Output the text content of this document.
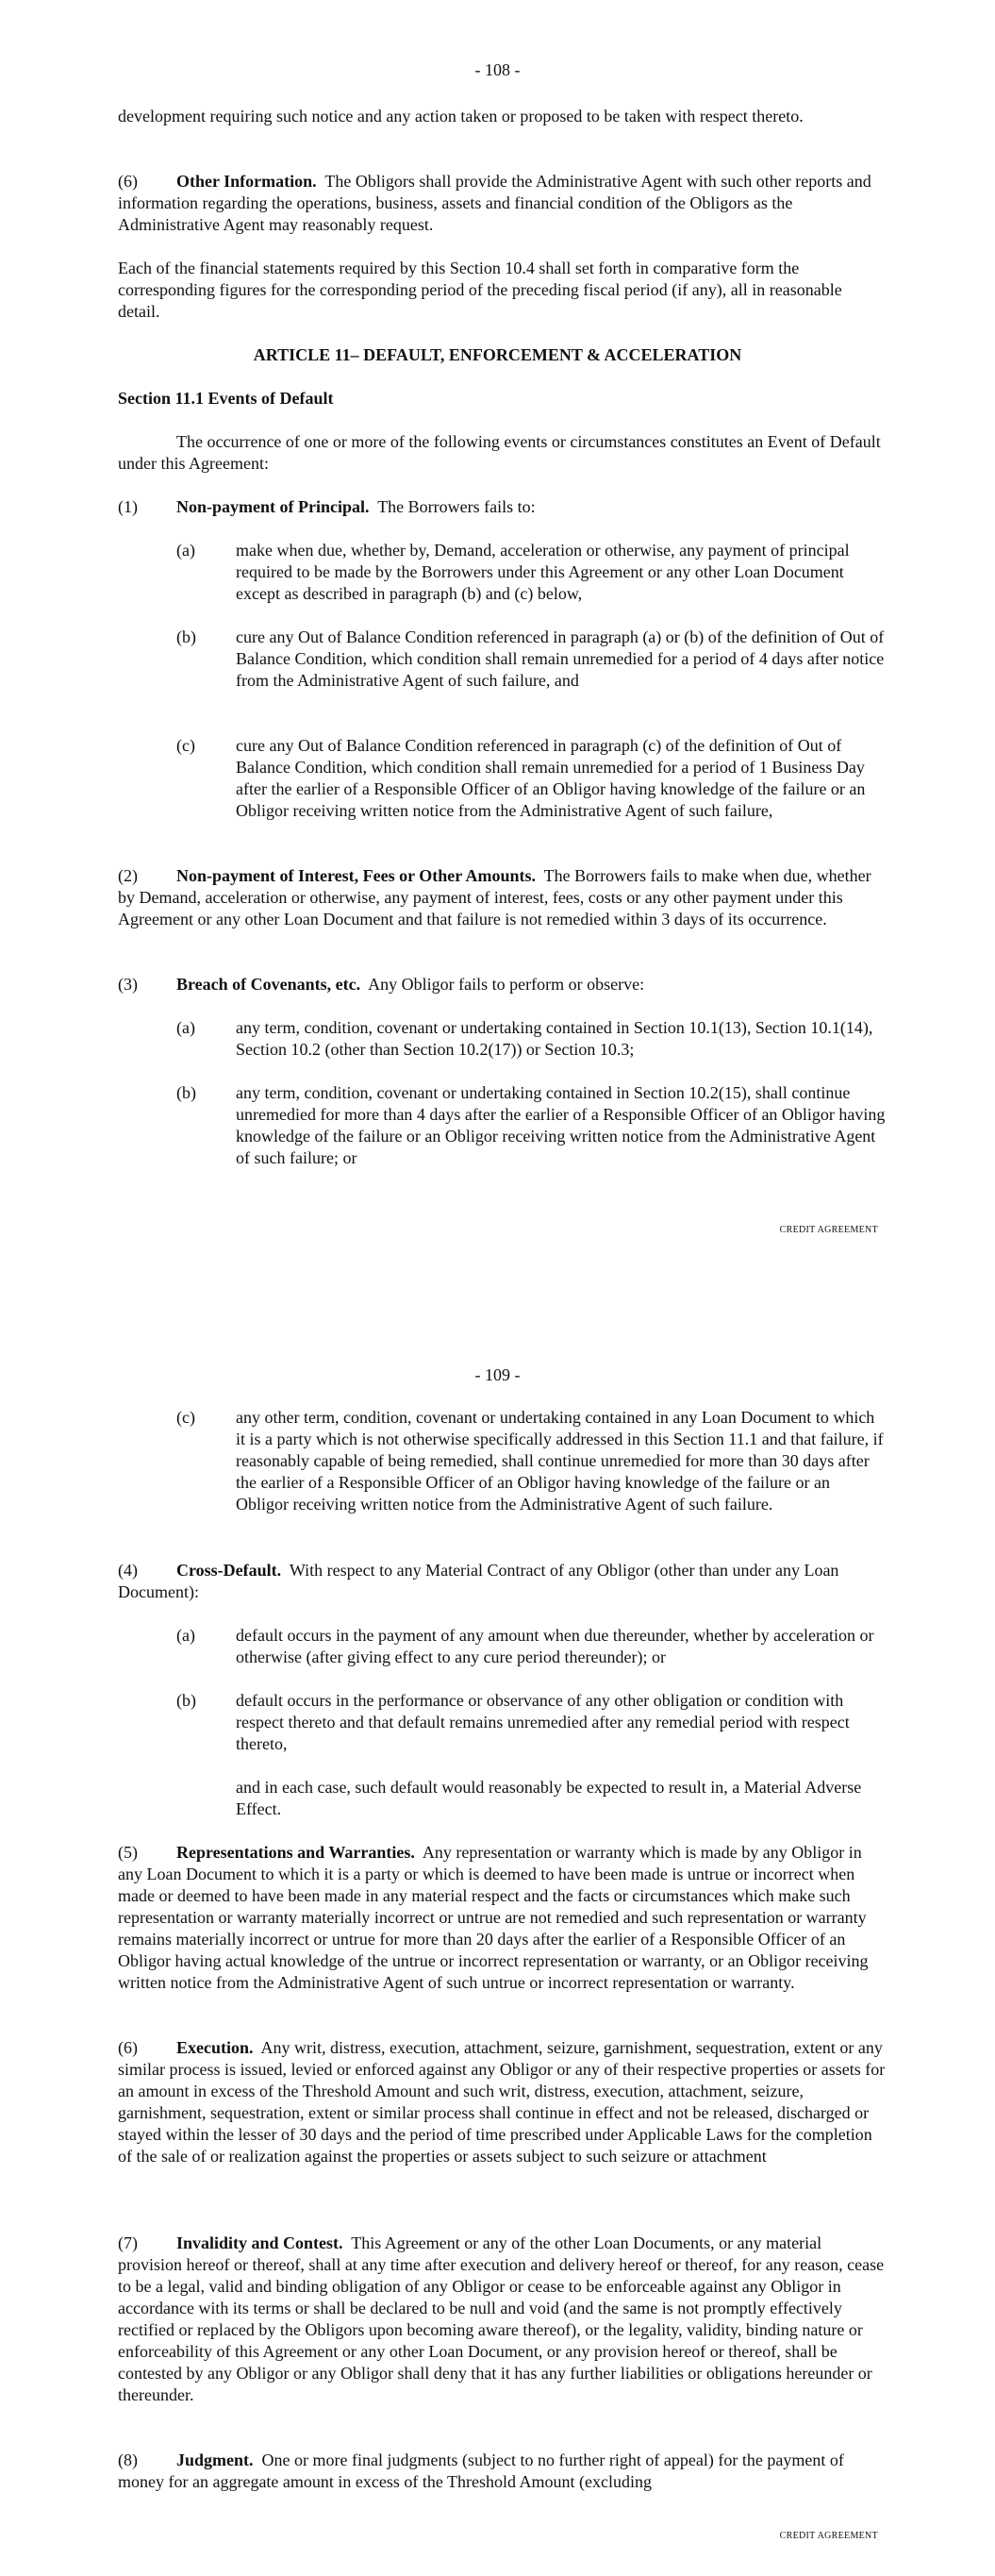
- 108 -

development requiring such notice and any action taken or proposed to be taken with respect thereto.

(6) Other Information. The Obligors shall provide the Administrative Agent with such other reports and information regarding the operations, business, assets and financial condition of the Obligors as the Administrative Agent may reasonably request.

Each of the financial statements required by this Section 10.4 shall set forth in comparative form the corresponding figures for the corresponding period of the preceding fiscal period (if any), all in reasonable detail.

ARTICLE 11– DEFAULT, ENFORCEMENT & ACCELERATION
Section 11.1 Events of Default

The occurrence of one or more of the following events or circumstances constitutes an Event of Default under this Agreement:

(1) Non-payment of Principal. The Borrowers fails to:

(a) make when due, whether by, Demand, acceleration or otherwise, any payment of principal required to be made by the Borrowers under this Agreement or any other Loan Document except as described in paragraph (b) and (c) below,

(b) cure any Out of Balance Condition referenced in paragraph (a) or (b) of the definition of Out of Balance Condition, which condition shall remain unremedied for a period of 4 days after notice from the Administrative Agent of such failure, and

(c) cure any Out of Balance Condition referenced in paragraph (c) of the definition of Out of Balance Condition, which condition shall remain unremedied for a period of 1 Business Day after the earlier of a Responsible Officer of an Obligor having knowledge of the failure or an Obligor receiving written notice from the Administrative Agent of such failure,

(2) Non-payment of Interest, Fees or Other Amounts. The Borrowers fails to make when due, whether by Demand, acceleration or otherwise, any payment of interest, fees, costs or any other payment under this Agreement or any other Loan Document and that failure is not remedied within 3 days of its occurrence.

(3) Breach of Covenants, etc. Any Obligor fails to perform or observe:

(a) any term, condition, covenant or undertaking contained in Section 10.1(13), Section 10.1(14), Section 10.2 (other than Section 10.2(17)) or Section 10.3;

(b) any term, condition, covenant or undertaking contained in Section 10.2(15), shall continue unremedied for more than 4 days after the earlier of a Responsible Officer of an Obligor having knowledge of the failure or an Obligor receiving written notice from the Administrative Agent of such failure; or

CREDIT AGREEMENT
- 109 -
(c) any other term, condition, covenant or undertaking contained in any Loan Document to which it is a party which is not otherwise specifically addressed in this Section 11.1 and that failure, if reasonably capable of being remedied, shall continue unremedied for more than 30 days after the earlier of a Responsible Officer of an Obligor having knowledge of the failure or an Obligor receiving written notice from the Administrative Agent of such failure.

(4) Cross-Default. With respect to any Material Contract of any Obligor (other than under any Loan Document):

(a) default occurs in the payment of any amount when due thereunder, whether by acceleration or otherwise (after giving effect to any cure period thereunder); or

(b) default occurs in the performance or observance of any other obligation or condition with respect thereto and that default remains unremedied after any remedial period with respect thereto,

and in each case, such default would reasonably be expected to result in, a Material Adverse Effect.

(5) Representations and Warranties. Any representation or warranty which is made by any Obligor in any Loan Document to which it is a party or which is deemed to have been made is untrue or incorrect when made or deemed to have been made in any material respect and the facts or circumstances which make such representation or warranty materially incorrect or untrue are not remedied and such representation or warranty remains materially incorrect or untrue for more than 20 days after the earlier of a Responsible Officer of an Obligor having actual knowledge of the untrue or incorrect representation or warranty, or an Obligor receiving written notice from the Administrative Agent of such untrue or incorrect representation or warranty.

(6) Execution. Any writ, distress, execution, attachment, seizure, garnishment, sequestration, extent or any similar process is issued, levied or enforced against any Obligor or any of their respective properties or assets for an amount in excess of the Threshold Amount and such writ, distress, execution, attachment, seizure, garnishment, sequestration, extent or similar process shall continue in effect and not be released, discharged or stayed within the lesser of 30 days and the period of time prescribed under Applicable Laws for the completion of the sale of or realization against the properties or assets subject to such seizure or attachment

(7) Invalidity and Contest. This Agreement or any of the other Loan Documents, or any material provision hereof or thereof, shall at any time after execution and delivery hereof or thereof, for any reason, cease to be a legal, valid and binding obligation of any Obligor or cease to be enforceable against any Obligor in accordance with its terms or shall be declared to be null and void (and the same is not promptly effectively rectified or replaced by the Obligors upon becoming aware thereof), or the legality, validity, binding nature or enforceability of this Agreement or any other Loan Document, or any provision hereof or thereof, shall be contested by any Obligor or any Obligor shall deny that it has any further liabilities or obligations hereunder or thereunder.

(8) Judgment. One or more final judgments (subject to no further right of appeal) for the payment of money for an aggregate amount in excess of the Threshold Amount (excluding

CREDIT AGREEMENT
